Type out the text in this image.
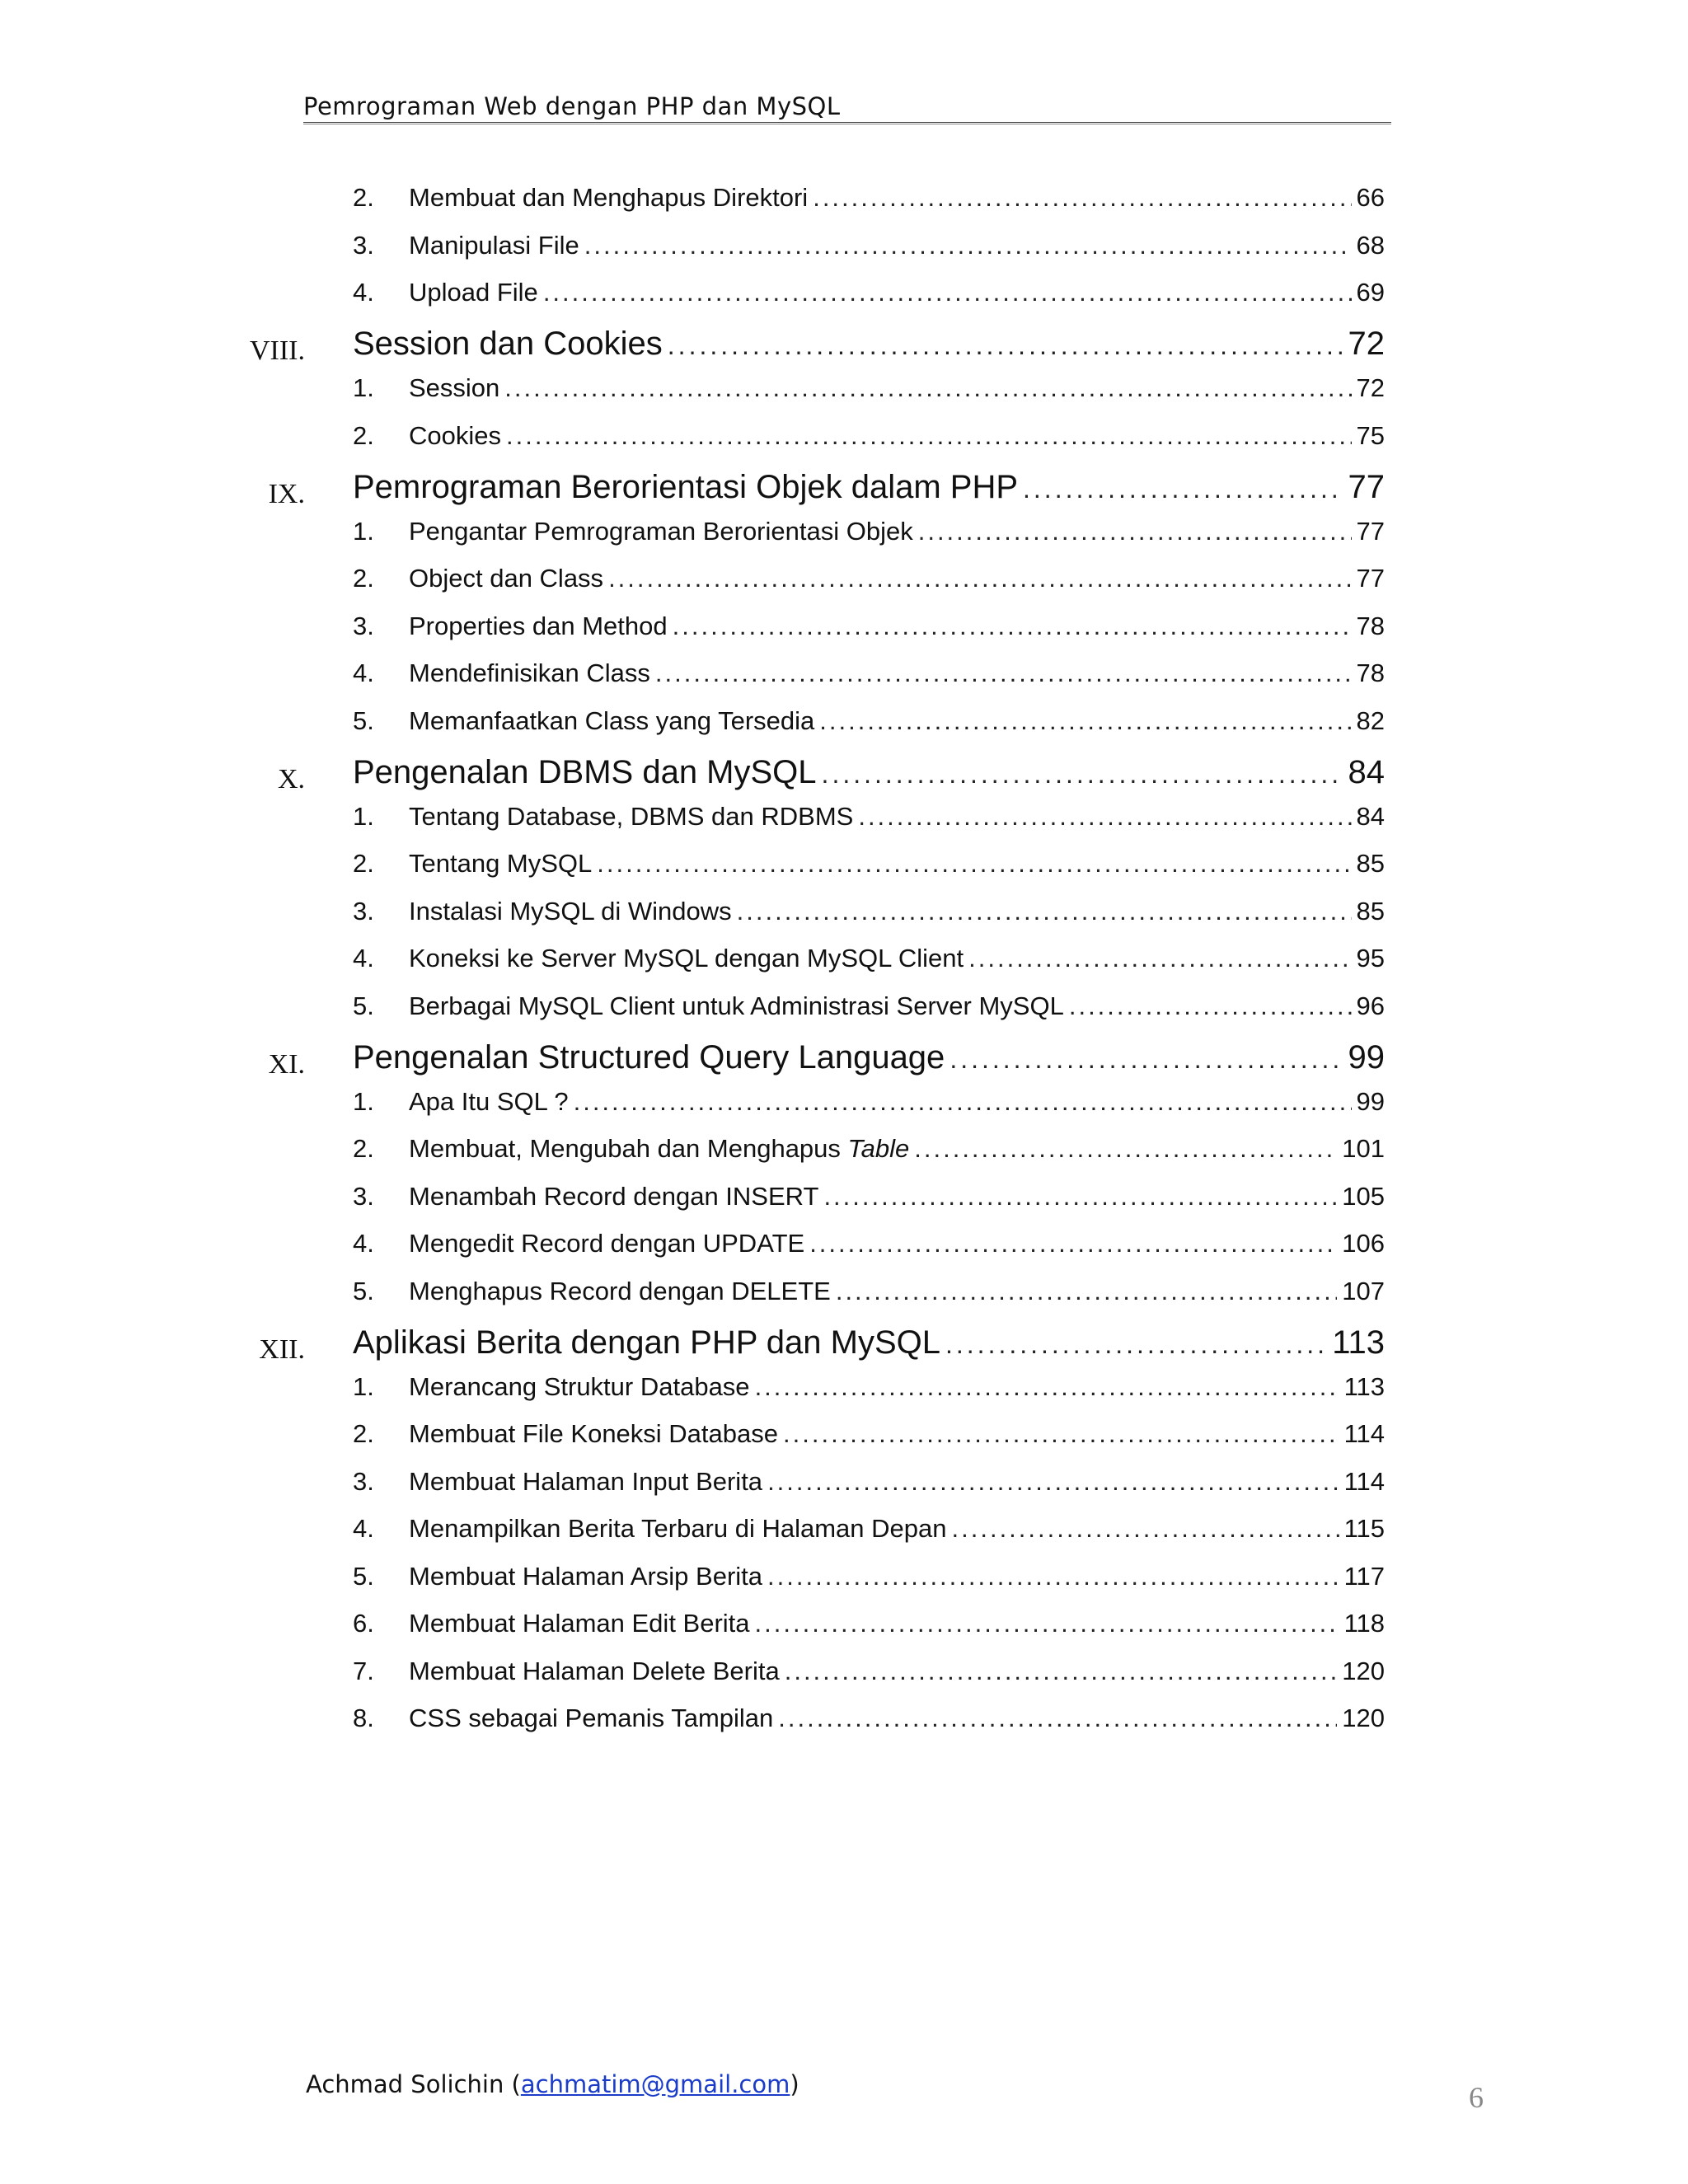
Pemrograman Web dengan PHP dan MySQL
2. Membuat dan Menghapus Direktori .....	66
3. Manipulasi File .....	68
4. Upload File .....	69
VIII. Session dan Cookies .....	72
1. Session .....	72
2. Cookies .....	75
IX. Pemrograman Berorientasi Objek dalam PHP .....	77
1. Pengantar Pemrograman Berorientasi Objek .....	77
2. Object dan Class .....	77
3. Properties dan Method .....	78
4. Mendefinisikan Class .....	78
5. Memanfaatkan Class yang Tersedia .....	82
X. Pengenalan DBMS dan MySQL .....	84
1. Tentang Database, DBMS dan RDBMS .....	84
2. Tentang MySQL .....	85
3. Instalasi MySQL di Windows .....	85
4. Koneksi ke Server MySQL dengan MySQL Client .....	95
5. Berbagai MySQL Client untuk Administrasi Server MySQL .....	96
XI. Pengenalan Structured Query Language .....	99
1. Apa Itu SQL ? .....	99
2. Membuat, Mengubah dan Menghapus Table .....	101
3. Menambah Record dengan INSERT .....	105
4. Mengedit Record dengan UPDATE .....	106
5. Menghapus Record dengan DELETE .....	107
XII. Aplikasi Berita dengan PHP dan MySQL .....	113
1. Merancang Struktur Database .....	113
2. Membuat File Koneksi Database .....	114
3. Membuat Halaman Input Berita .....	114
4. Menampilkan Berita Terbaru di Halaman Depan .....	115
5. Membuat Halaman Arsip Berita .....	117
6. Membuat Halaman Edit Berita .....	118
7. Membuat Halaman Delete Berita .....	120
8. CSS sebagai Pemanis Tampilan .....	120
Achmad Solichin (achmatim@gmail.com)	6
